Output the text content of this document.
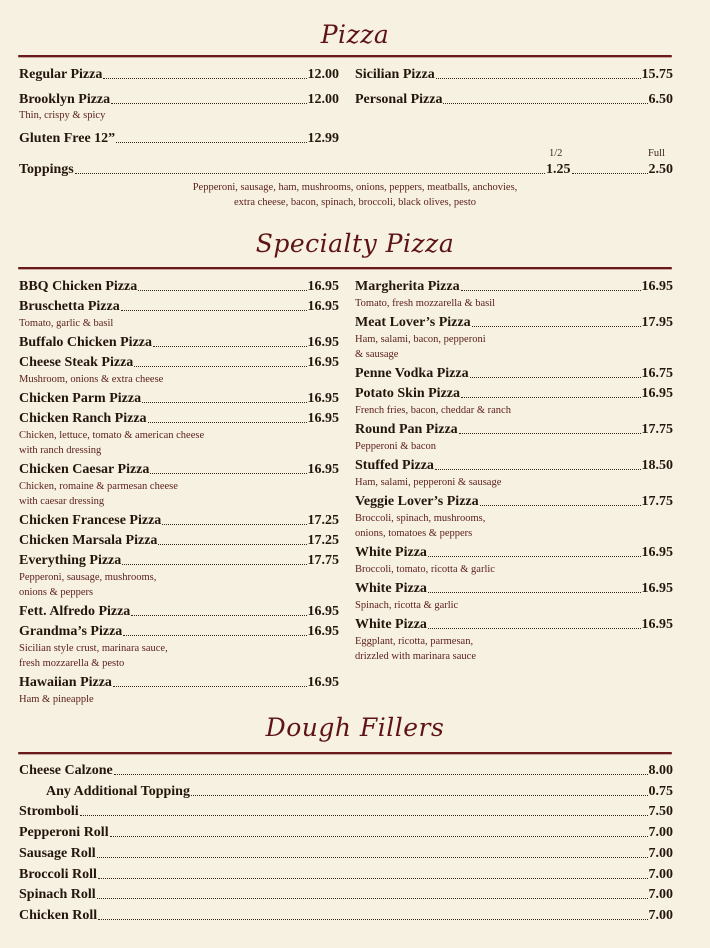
Pizza
Regular Pizza	12.00
Brooklyn Pizza	12.00
Thin, crispy & spicy
Gluten Free 12”	12.99
Sicilian Pizza	15.75
Personal Pizza	6.50
1/2	Full
Toppings	1.25	2.50
Pepperoni, sausage, ham, mushrooms, onions, peppers, meatballs, anchovies,
extra cheese, bacon, spinach, broccoli, black olives, pesto
Specialty Pizza
BBQ Chicken Pizza	16.95
Bruschetta Pizza	16.95
Tomato, garlic & basil
Buffalo Chicken Pizza	16.95
Cheese Steak Pizza	16.95
Mushroom, onions & extra cheese
Chicken Parm Pizza	16.95
Chicken Ranch Pizza	16.95
Chicken, lettuce, tomato & american cheese
with ranch dressing
Chicken Caesar Pizza	16.95
Chicken, romaine & parmesan cheese
with caesar dressing
Chicken Francese Pizza	17.25
Chicken Marsala Pizza	17.25
Everything Pizza	17.75
Pepperoni, sausage, mushrooms,
onions & peppers
Fett. Alfredo Pizza	16.95
Grandma’s Pizza	16.95
Sicilian style crust, marinara sauce,
fresh mozzarella & pesto
Hawaiian Pizza	16.95
Ham & pineapple
Margherita Pizza	16.95
Tomato, fresh mozzarella & basil
Meat Lover’s Pizza	17.95
Ham, salami, bacon, pepperoni
& sausage
Penne Vodka Pizza	16.75
Potato Skin Pizza	16.95
French fries, bacon, cheddar & ranch
Round Pan Pizza	17.75
Pepperoni & bacon
Stuffed Pizza	18.50
Ham, salami, pepperoni & sausage
Veggie Lover’s Pizza	17.75
Broccoli, spinach, mushrooms,
onions, tomatoes & peppers
White Pizza	16.95
Broccoli, tomato, ricotta & garlic
White Pizza	16.95
Spinach, ricotta & garlic
White Pizza	16.95
Eggplant, ricotta, parmesan,
drizzled with marinara sauce
Dough Fillers
Cheese Calzone	8.00
Any Additional Topping	0.75
Stromboli	7.50
Pepperoni Roll	7.00
Sausage Roll	7.00
Broccoli Roll	7.00
Spinach Roll	7.00
Chicken Roll	7.00
